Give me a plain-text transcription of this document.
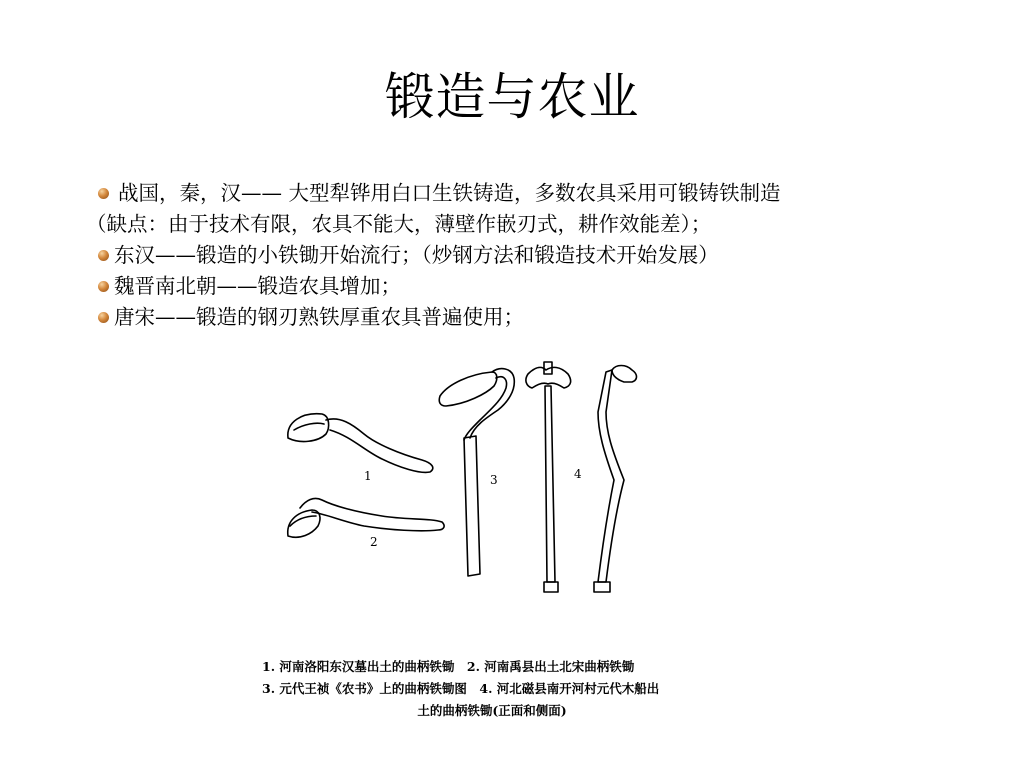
锻造与农业
战国，秦，汉—— 大型犁铧用白口生铁铸造，多数农具采用可锻铸铁制造
（缺点：由于技术有限，农具不能大，薄壁作嵌刃式，耕作效能差）；
东汉——锻造的小铁锄开始流行；（炒钢方法和锻造技术开始发展）
魏晋南北朝——锻造农具增加；
唐宋——锻造的钢刃熟铁厚重农具普遍使用；
1
2
3	4
1. 河南洛阳东汉墓出土的曲柄铁锄　2. 河南禹县出土北宋曲柄铁锄
3. 元代王祯《农书》上的曲柄铁锄图　4. 河北磁县南开河村元代木船出
土的曲柄铁锄(正面和侧面)
